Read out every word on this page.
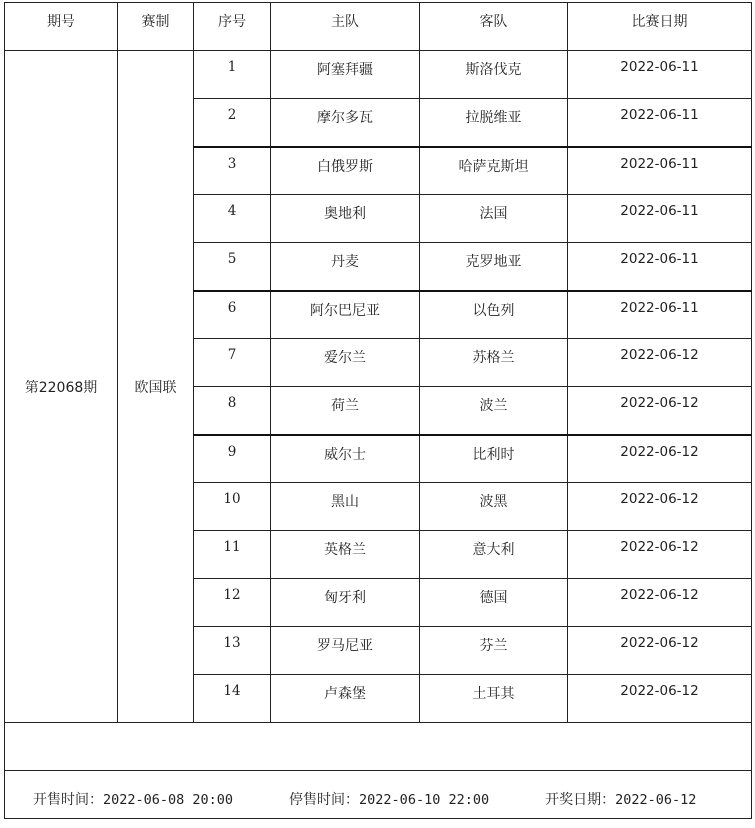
期号	赛制	序号	主队	客队	比赛日期
第22068期	欧国联	1	阿塞拜疆	斯洛伐克	2022-06-11
		2	摩尔多瓦	拉脱维亚	2022-06-11
		3	白俄罗斯	哈萨克斯坦	2022-06-11
		4	奥地利	法国	2022-06-11
		5	丹麦	克罗地亚	2022-06-11
		6	阿尔巴尼亚	以色列	2022-06-11
		7	爱尔兰	苏格兰	2022-06-12
		8	荷兰	波兰	2022-06-12
		9	威尔士	比利时	2022-06-12
		10	黑山	波黑	2022-06-12
		11	英格兰	意大利	2022-06-12
		12	匈牙利	德国	2022-06-12
		13	罗马尼亚	芬兰	2022-06-12
		14	卢森堡	土耳其	2022-06-12

开售时间：2022-06-08 20:00 停售时间：2022-06-10 22:00 开奖日期：2022-06-12					
